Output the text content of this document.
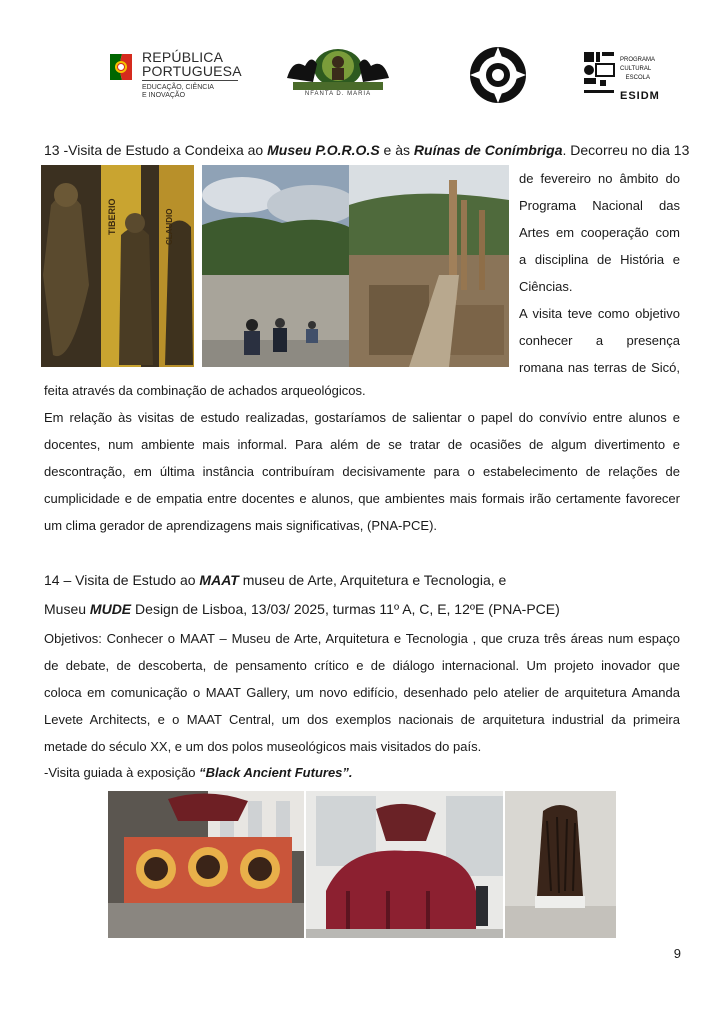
REPÚBLICA
PORTUGUESA
EDUCAÇÃO, CIÊNCIA
E INOVAÇÃO	NFANTA D. MARIA
PROGRAMA
CULTURAL
ESCOLA
ESIDM
13 -Visita de Estudo a Condeixa ao Museu P.O.R.O.S e às Ruínas de Conímbriga. Decorreu no dia 13
TIBERIO	CLAUDIO
de fevereiro no âmbito do
Programa Nacional das
Artes em cooperação com
a disciplina de História e
Ciências.
A visita teve como objetivo
conhecer a presença
romana nas terras de Sicó,
feita através da combinação de achados arqueológicos.
Em relação às visitas de estudo realizadas, gostaríamos de salientar o papel do convívio entre alunos e
docentes, num ambiente mais informal. Para além de se tratar de ocasiões de algum divertimento e
descontração, em última instância contribuíram decisivamente para o estabelecimento de relações de
cumplicidade e de empatia entre docentes e alunos, que ambientes mais formais irão certamente favorecer
um clima gerador de aprendizagens mais significativas, (PNA-PCE).
14 – Visita de Estudo ao MAAT museu de Arte, Arquitetura e Tecnologia, e
Museu MUDE Design de Lisboa, 13/03/ 2025, turmas 11º A, C, E, 12ºE (PNA-PCE)
Objetivos: Conhecer o MAAT – Museu de Arte, Arquitetura e Tecnologia , que cruza três áreas num espaço
de debate, de descoberta, de pensamento crítico e de diálogo internacional. Um projeto inovador que
coloca em comunicação o MAAT Gallery, um novo edifício, desenhado pelo atelier de arquitetura Amanda
Levete Architects, e o MAAT Central, um dos exemplos nacionais de arquitetura industrial da primeira
metade do século XX, e um dos polos museológicos mais visitados do país.
-Visita guiada à exposição “Black Ancient Futures”.
9
